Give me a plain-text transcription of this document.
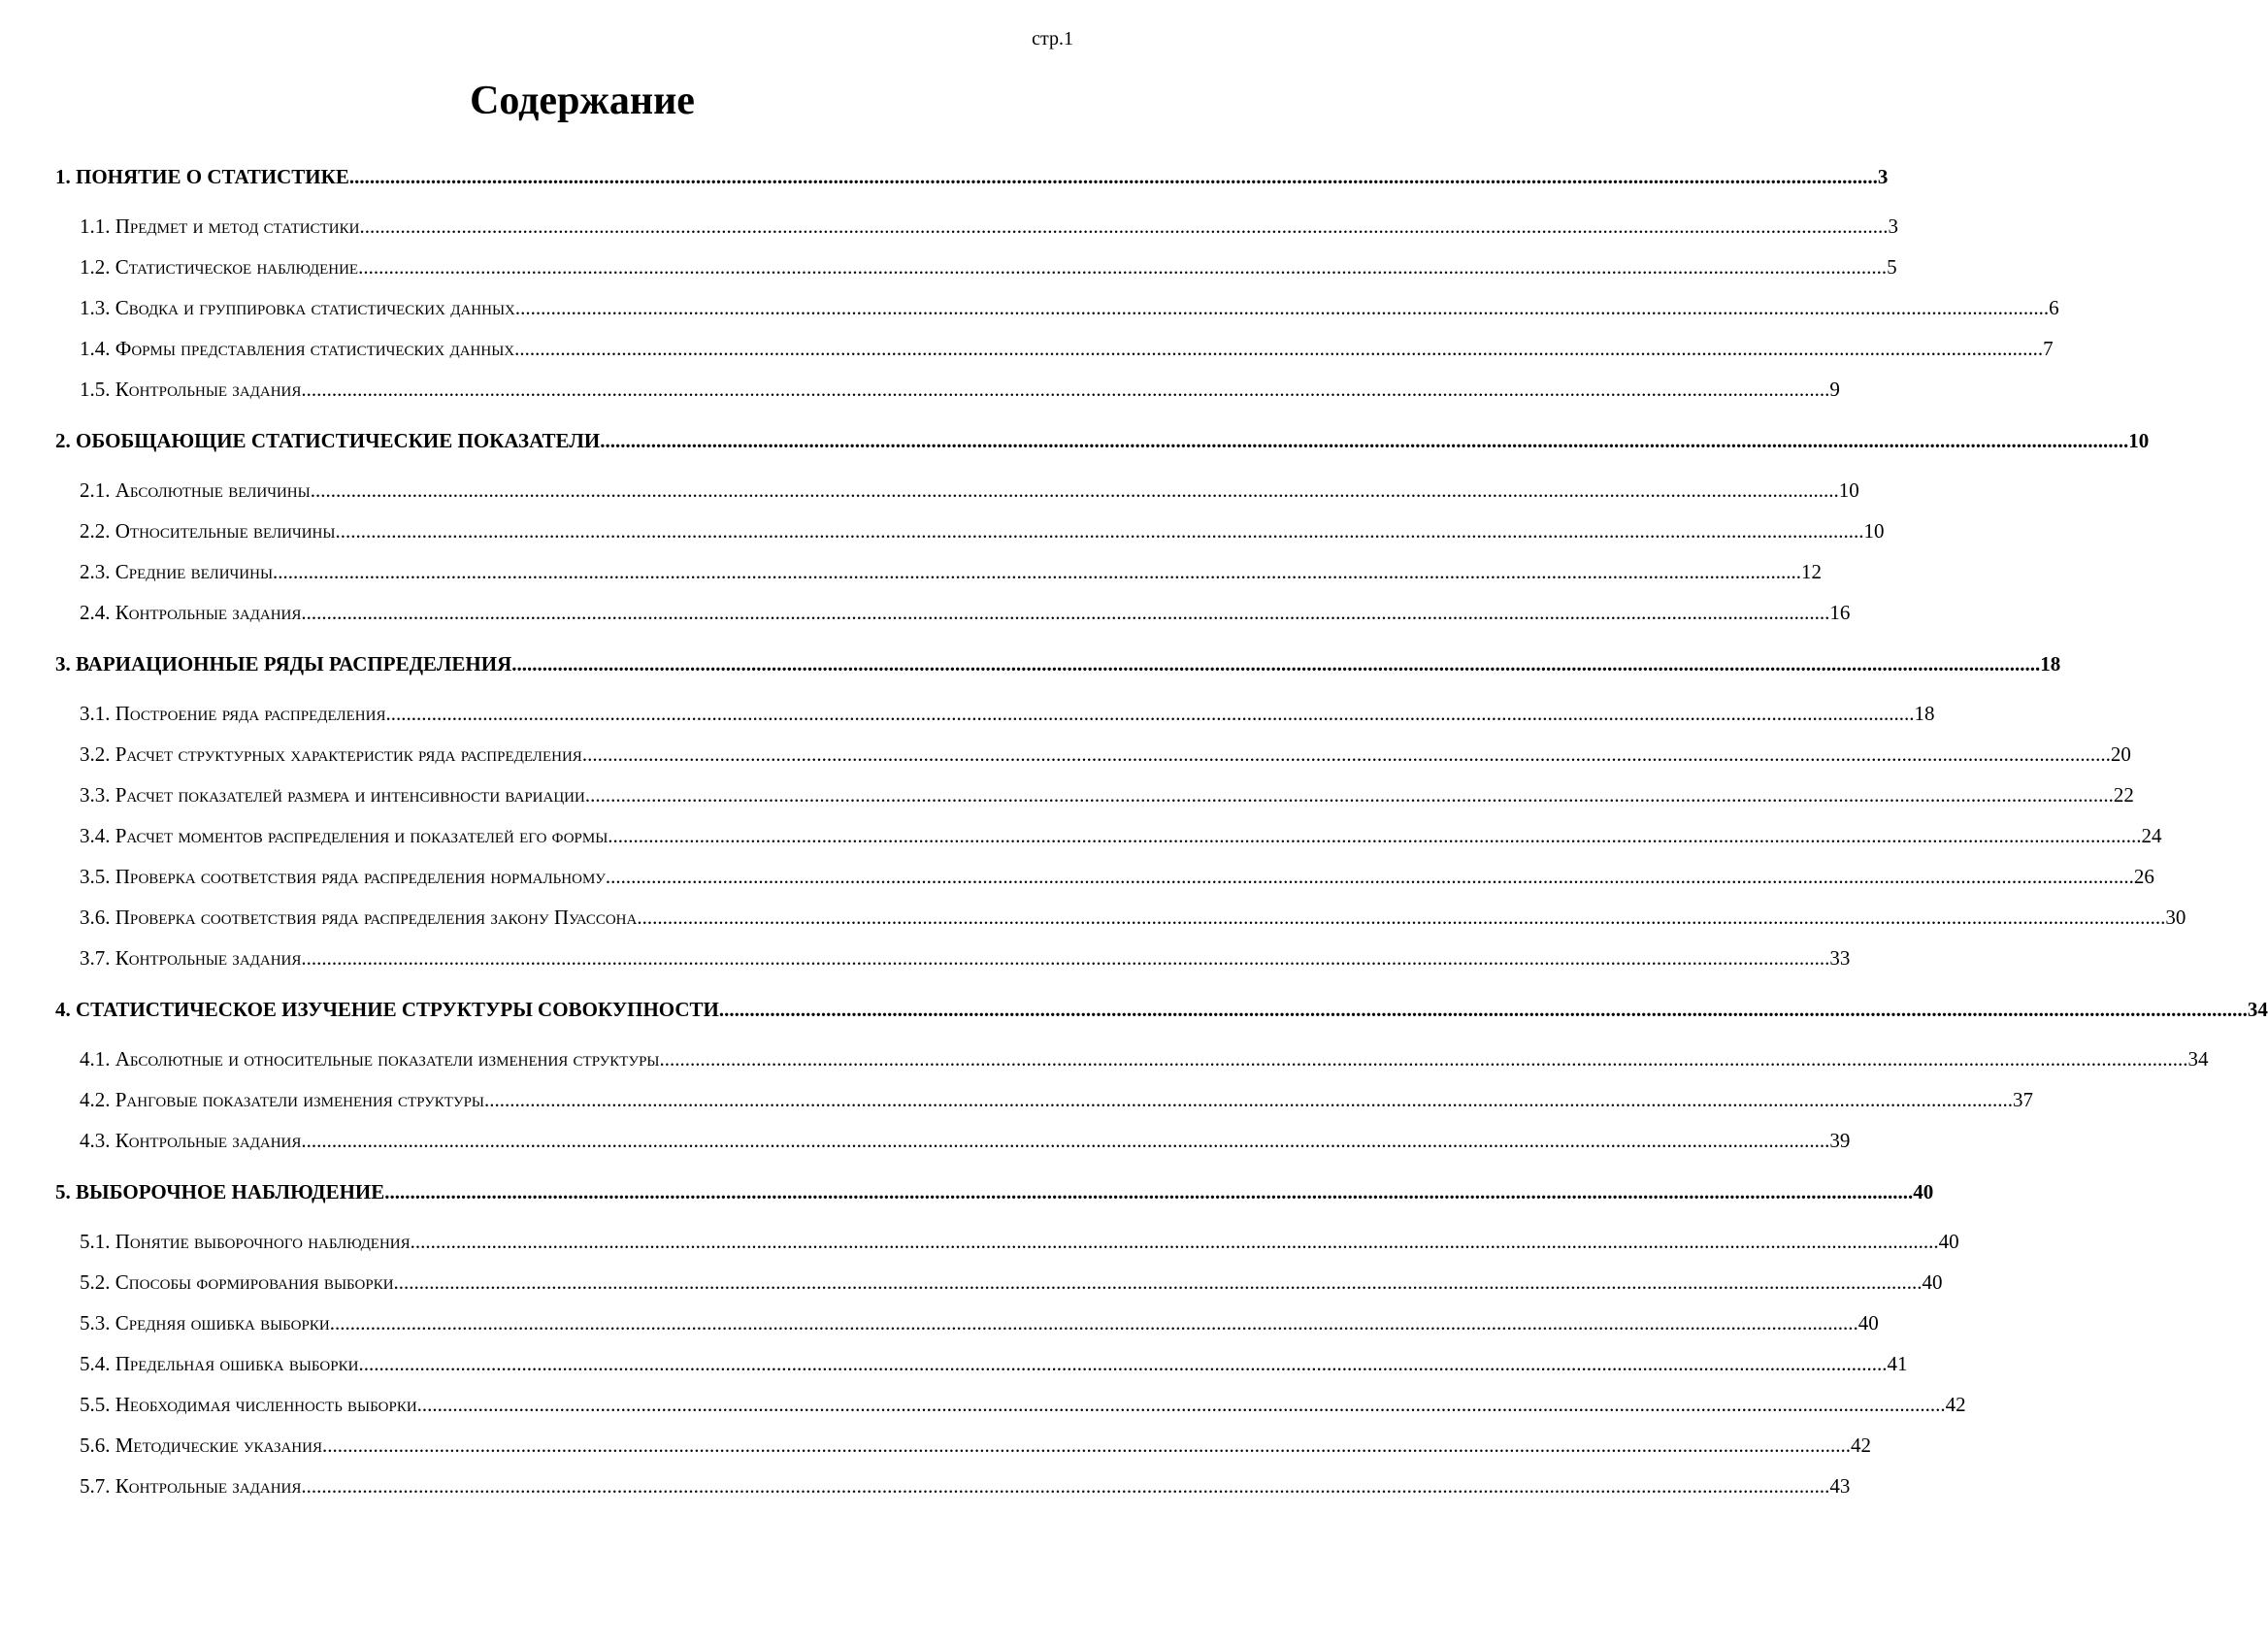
стр.1
Содержание
1. ПОНЯТИЕ О СТАТИСТИКЕ ............................................................................................................................................................................................................................................................................................................ 3
1.1. Предмет и метод статистики ............................................................................................................................................................................................................................................................................................................ 3
1.2. Статистическое наблюдение ............................................................................................................................................................................................................................................................................................................ 5
1.3. Сводка и группировка статистических данных. ............................................................................................................................................................................................................................................................................................................ 6
1.4. Формы представления статистических данных ............................................................................................................................................................................................................................................................................................................ 7
1.5. Контрольные задания ............................................................................................................................................................................................................................................................................................................ 9
2. ОБОБЩАЮЩИЕ СТАТИСТИЧЕСКИЕ ПОКАЗАТЕЛИ ............................................................................................................................................................................................................................................................................................................ 10
2.1. Абсолютные величины ............................................................................................................................................................................................................................................................................................................ 10
2.2. Относительные величины ............................................................................................................................................................................................................................................................................................................ 10
2.3. Средние величины ............................................................................................................................................................................................................................................................................................................ 12
2.4. Контрольные задания ............................................................................................................................................................................................................................................................................................................ 16
3. ВАРИАЦИОННЫЕ РЯДЫ РАСПРЕДЕЛЕНИЯ ............................................................................................................................................................................................................................................................................................................ 18
3.1. Построение ряда распределения ............................................................................................................................................................................................................................................................................................................ 18
3.2. Расчет структурных характеристик ряда распределения ............................................................................................................................................................................................................................................................................................................ 20
3.3. Расчет показателей размера и интенсивности вариации ............................................................................................................................................................................................................................................................................................................ 22
3.4. Расчет моментов распределения и показателей его формы. ............................................................................................................................................................................................................................................................................................................ 24
3.5. Проверка соответствия ряда распределения нормальному ............................................................................................................................................................................................................................................................................................................ 26
3.6. Проверка соответствия ряда распределения закону Пуассона ............................................................................................................................................................................................................................................................................................................ 30
3.7. Контрольные задания ............................................................................................................................................................................................................................................................................................................ 33
4. СТАТИСТИЧЕСКОЕ ИЗУЧЕНИЕ СТРУКТУРЫ СОВОКУПНОСТИ ............................................................................................................................................................................................................................................................................................................ 34
4.1. Абсолютные и относительные показатели изменения структуры ............................................................................................................................................................................................................................................................................................................ 34
4.2. Ранговые показатели изменения структуры ............................................................................................................................................................................................................................................................................................................ 37
4.3. Контрольные задания ............................................................................................................................................................................................................................................................................................................ 39
5. ВЫБОРОЧНОЕ НАБЛЮДЕНИЕ ............................................................................................................................................................................................................................................................................................................ 40
5.1. Понятие выборочного наблюдения ............................................................................................................................................................................................................................................................................................................ 40
5.2. Способы формирования выборки ............................................................................................................................................................................................................................................................................................................ 40
5.3. Средняя ошибка выборки ............................................................................................................................................................................................................................................................................................................ 40
5.4. Предельная ошибка выборки ............................................................................................................................................................................................................................................................................................................ 41
5.5. Необходимая численность выборки ............................................................................................................................................................................................................................................................................................................ 42
5.6. Методические указания ............................................................................................................................................................................................................................................................................................................ 42
5.7. Контрольные задания ............................................................................................................................................................................................................................................................................................................ 43
